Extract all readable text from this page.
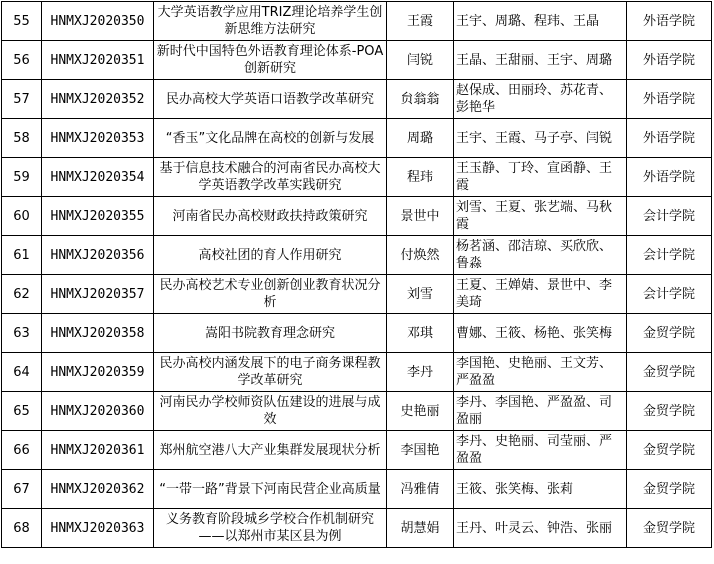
55	HNMXJ2020350	大学英语教学应用TRIZ理论培养学生创新思维方法研究	王霞	王宇、周璐、程玮、王晶	外语学院
56	HNMXJ2020351	新时代中国特色外语教育理论体系-POA创新研究	闫锐	王晶、王甜丽、王宇、周璐	外语学院
57	HNMXJ2020352	民办高校大学英语口语教学改革研究	贠翁翁	赵保成、田丽玲、苏花青、彭艳华	外语学院
58	HNMXJ2020353	“香玉”文化品牌在高校的创新与发展	周璐	王宇、王霞、马子亭、闫锐	外语学院
59	HNMXJ2020354	基于信息技术融合的河南省民办高校大学英语教学改革实践研究	程玮	王玉静、丁玲、宣函静、王霞	外语学院
60	HNMXJ2020355	河南省民办高校财政扶持政策研究	景世中	刘雪、王夏、张艺端、马秋霞	会计学院
61	HNMXJ2020356	高校社团的育人作用研究	付焕然	杨茗涵、邵洁琼、买欣欣、鲁淼	会计学院
62	HNMXJ2020357	民办高校艺术专业创新创业教育状况分析	刘雪	王夏、王婵婧、景世中、李美琦	会计学院
63	HNMXJ2020358	嵩阳书院教育理念研究	邓琪	曹娜、王筱、杨艳、张笑梅	金贸学院
64	HNMXJ2020359	民办高校内涵发展下的电子商务课程教学改革研究	李丹	李国艳、史艳丽、王文芳、严盈盈	金贸学院
65	HNMXJ2020360	河南民办学校师资队伍建设的进展与成效	史艳丽	李丹、李国艳、严盈盈、司盈丽	金贸学院
66	HNMXJ2020361	郑州航空港八大产业集群发展现状分析	李国艳	李丹、史艳丽、司莹丽、严盈盈	金贸学院
67	HNMXJ2020362	“一带一路”背景下河南民营企业高质量	冯雅倩	王筱、张笑梅、张莉	金贸学院
68	HNMXJ2020363	义务教育阶段城乡学校合作机制研究——以郑州市某区县为例	胡慧娟	王丹、叶灵云、钟浩、张丽	金贸学院
